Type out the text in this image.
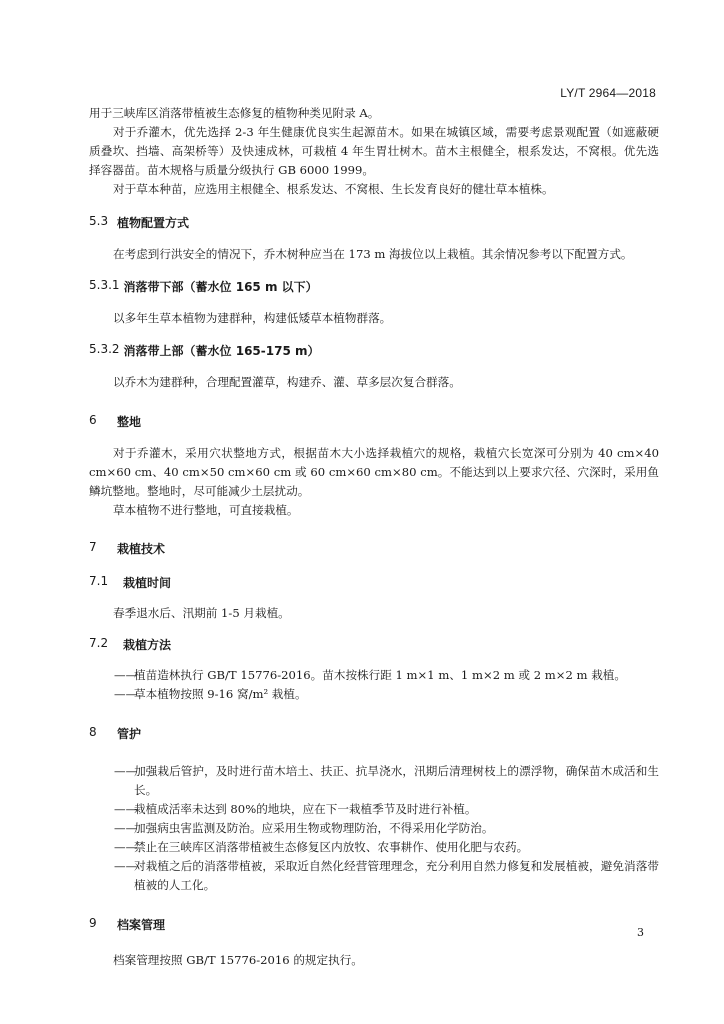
LY/T 2964—2018

用于三峡库区消落带植被生态修复的植物种类见附录 A。

对于乔灌木，优先选择 2-3 年生健康优良实生起源苗木。如果在城镇区域，需要考虑景观配置（如遮蔽硬质叠坎、挡墙、高架桥等）及快速成林，可栽植 4 年生胃壮树木。苗木主根健全，根系发达，不窝根。优先选择容器苗。苗木规格与质量分级执行 GB 6000 1999。

对于草本种苗，应选用主根健全、根系发达、不窝根、生长发育良好的健壮草本植株。

5.3 植物配置方式

在考虑到行洪安全的情况下，乔木树种应当在 173 m 海拔位以上栽植。其余情况参考以下配置方式。

5.3.1 消落带下部（蓄水位 165 m 以下）

以多年生草本植物为建群种，构建低矮草本植物群落。

5.3.2 消落带上部（蓄水位 165-175 m）

以乔木为建群种，合理配置灌草，构建乔、灌、草多层次复合群落。

6	整地

对于乔灌木，采用穴状整地方式，根据苗木大小选择栽植穴的规格，栽植穴长宽深可分别为 40 cm×40 cm×60 cm、40 cm×50 cm×60 cm 或 60 cm×60 cm×80 cm。不能达到以上要求穴径、穴深时，采用鱼鳞坑整地。整地时，尽可能减少土层扰动。

草本植物不进行整地，可直接栽植。

7	栽植技术
7.1	栽植时间

春季退水后、汛期前 1-5 月栽植。

7.2	栽植方法

——植苗造林执行 GB/T 15776-2016。苗木按株行距 1 m×1 m、1 m×2 m 或 2 m×2 m 栽植。

——草本植物按照 9-16 窝/m² 栽植。

8	管护

——加强栽后管护，及时进行苗木培土、扶正、抗旱浇水，汛期后清理树枝上的漂浮物，确保苗木成活和生长。

——栽植成活率未达到 80%的地块，应在下一栽植季节及时进行补植。

——加强病虫害监测及防治。应采用生物或物理防治，不得采用化学防治。

——禁止在三峡库区消落带植被生态修复区内放牧、农事耕作、使用化肥与农药。

——对栽植之后的消落带植被，采取近自然化经营管理理念，充分利用自然力修复和发展植被，避免消落带植被的人工化。

9	档案管理

档案管理按照 GB/T 15776-2016 的规定执行。

3
